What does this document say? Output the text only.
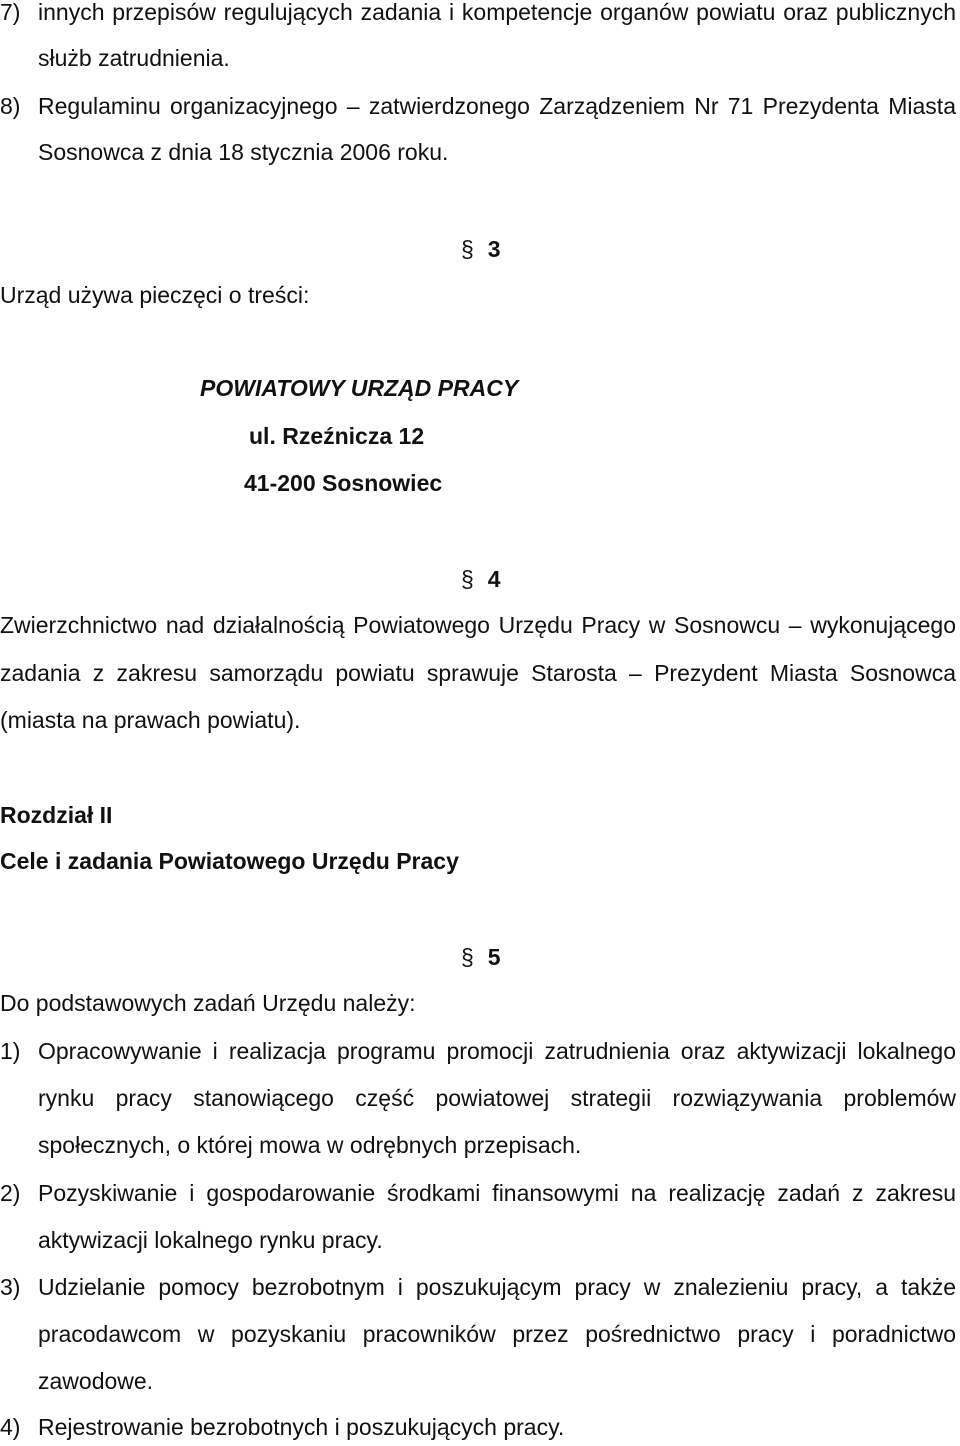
7) innych przepisów regulujących zadania i kompetencje organów powiatu oraz publicznych
służb zatrudnienia.
8) Regulaminu organizacyjnego – zatwierdzonego Zarządzeniem Nr 71 Prezydenta Miasta
Sosnowca z dnia 18 stycznia 2006 roku.
§ 3
Urząd używa pieczęci o treści:
POWIATOWY URZĄD PRACY
ul. Rzeźnicza 12
41-200 Sosnowiec
§ 4
Zwierzchnictwo nad działalnością Powiatowego Urzędu Pracy w Sosnowcu – wykonującego
zadania z zakresu samorządu powiatu sprawuje Starosta – Prezydent Miasta Sosnowca
(miasta na prawach powiatu).
Rozdział II
Cele i zadania Powiatowego Urzędu Pracy
§ 5
Do podstawowych zadań Urzędu należy:
1) Opracowywanie i realizacja programu promocji zatrudnienia oraz aktywizacji lokalnego
rynku pracy stanowiącego część powiatowej strategii rozwiązywania problemów
społecznych, o której mowa w odrębnych przepisach.
2) Pozyskiwanie i gospodarowanie środkami finansowymi na realizację zadań z zakresu
aktywizacji lokalnego rynku pracy.
3) Udzielanie pomocy bezrobotnym i poszukującym pracy w znalezieniu pracy, a także
pracodawcom w pozyskaniu pracowników przez pośrednictwo pracy i poradnictwo
zawodowe.
4) Rejestrowanie bezrobotnych i poszukujących pracy.
